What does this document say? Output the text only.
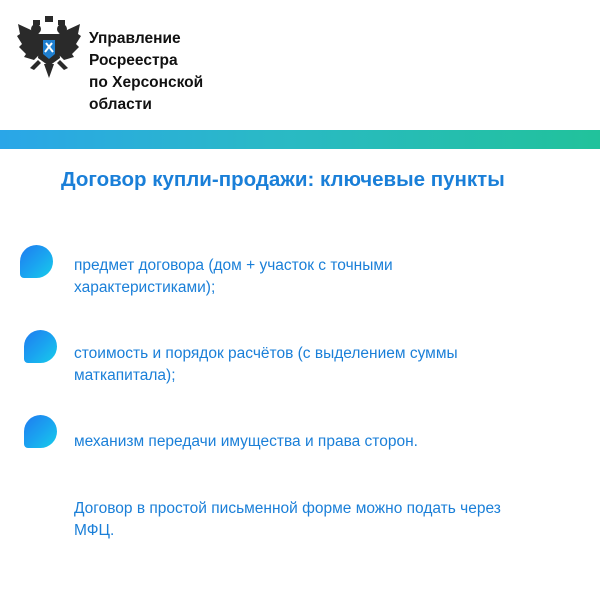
Управление
Росреестра
по Херсонской
области

Договор купли-продажи: ключевые пункты

предмет договора (дом + участок с точными
характеристиками);

стоимость и порядок расчётов (с выделением суммы
маткапитала);

механизм передачи имущества и права сторон.

Договор в простой письменной форме можно подать через
МФЦ.
